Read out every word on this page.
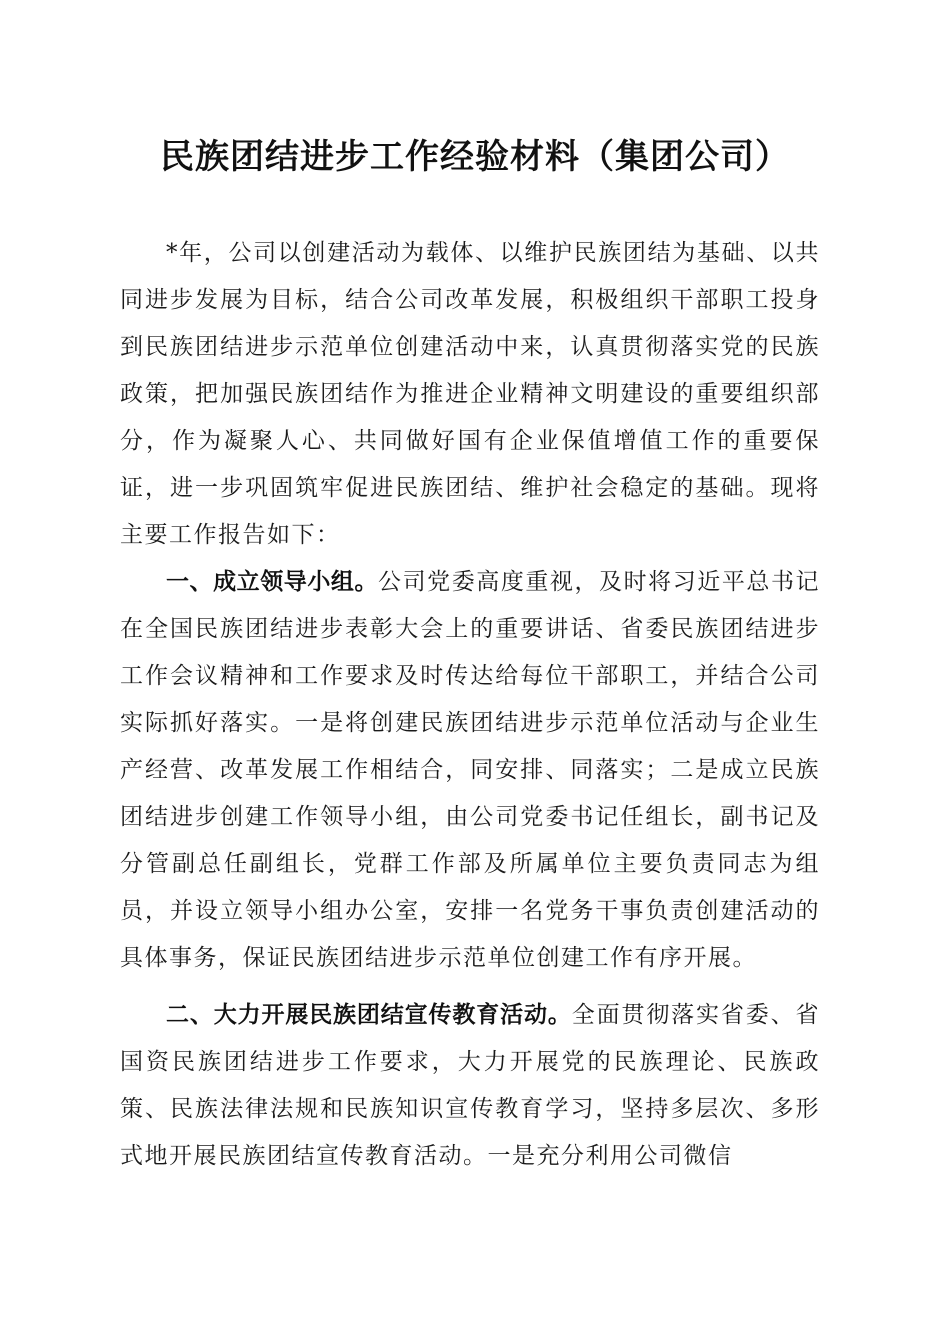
民族团结进步工作经验材料（集团公司）

*年，公司以创建活动为载体、以维护民族团结为基础、以共同进步发展为目标，结合公司改革发展，积极组织干部职工投身到民族团结进步示范单位创建活动中来，认真贯彻落实党的民族政策，把加强民族团结作为推进企业精神文明建设的重要组织部分，作为凝聚人心、共同做好国有企业保值增值工作的重要保证，进一步巩固筑牢促进民族团结、维护社会稳定的基础。现将主要工作报告如下：

一、成立领导小组。公司党委高度重视，及时将习近平总书记在全国民族团结进步表彰大会上的重要讲话、省委民族团结进步工作会议精神和工作要求及时传达给每位干部职工，并结合公司实际抓好落实。一是将创建民族团结进步示范单位活动与企业生产经营、改革发展工作相结合，同安排、同落实；二是成立民族团结进步创建工作领导小组，由公司党委书记任组长，副书记及分管副总任副组长，党群工作部及所属单位主要负责同志为组员，并设立领导小组办公室，安排一名党务干事负责创建活动的具体事务，保证民族团结进步示范单位创建工作有序开展。

二、大力开展民族团结宣传教育活动。全面贯彻落实省委、省国资民族团结进步工作要求，大力开展党的民族理论、民族政策、民族法律法规和民族知识宣传教育学习，坚持多层次、多形式地开展民族团结宣传教育活动。一是充分利用公司微信
